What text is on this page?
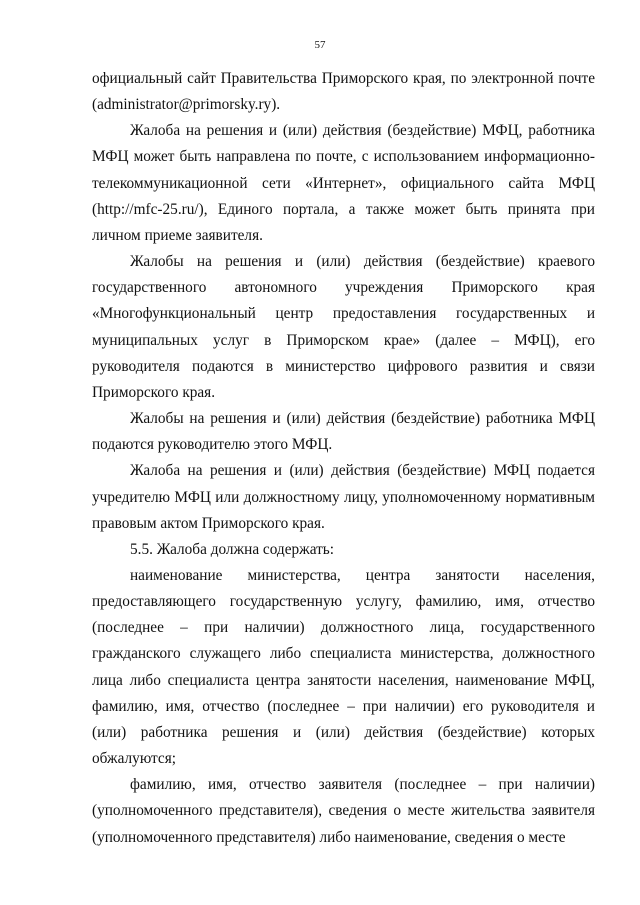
57

официальный сайт Правительства Приморского края, по электронной почте (administrator@primorsky.ry).

Жалоба на решения и (или) действия (бездействие) МФЦ, работника МФЦ может быть направлена по почте, с использованием информационно- телекоммуникационной сети «Интернет», официального сайта МФЦ (http://mfc-25.ru/), Единого портала, а также может быть принята при личном приеме заявителя.

Жалобы на решения и (или) действия (бездействие) краевого государственного автономного учреждения Приморского края «Многофункциональный центр предоставления государственных и муниципальных услуг в Приморском крае» (далее – МФЦ), его руководителя подаются в министерство цифрового развития и связи Приморского края.

Жалобы на решения и (или) действия (бездействие) работника МФЦ подаются руководителю этого МФЦ.

Жалоба на решения и (или) действия (бездействие) МФЦ подается учредителю МФЦ или должностному лицу, уполномоченному нормативным правовым актом Приморского края.

5.5. Жалоба должна содержать:

наименование министерства, центра занятости населения, предоставляющего государственную услугу, фамилию, имя, отчество (последнее – при наличии) должностного лица, государственного гражданского служащего либо специалиста министерства, должностного лица либо специалиста центра занятости населения, наименование МФЦ, фамилию, имя, отчество (последнее – при наличии) его руководителя и (или) работника решения и (или) действия (бездействие) которых обжалуются;

фамилию, имя, отчество заявителя (последнее – при наличии) (уполномоченного представителя), сведения о месте жительства заявителя (уполномоченного представителя) либо наименование, сведения о месте
